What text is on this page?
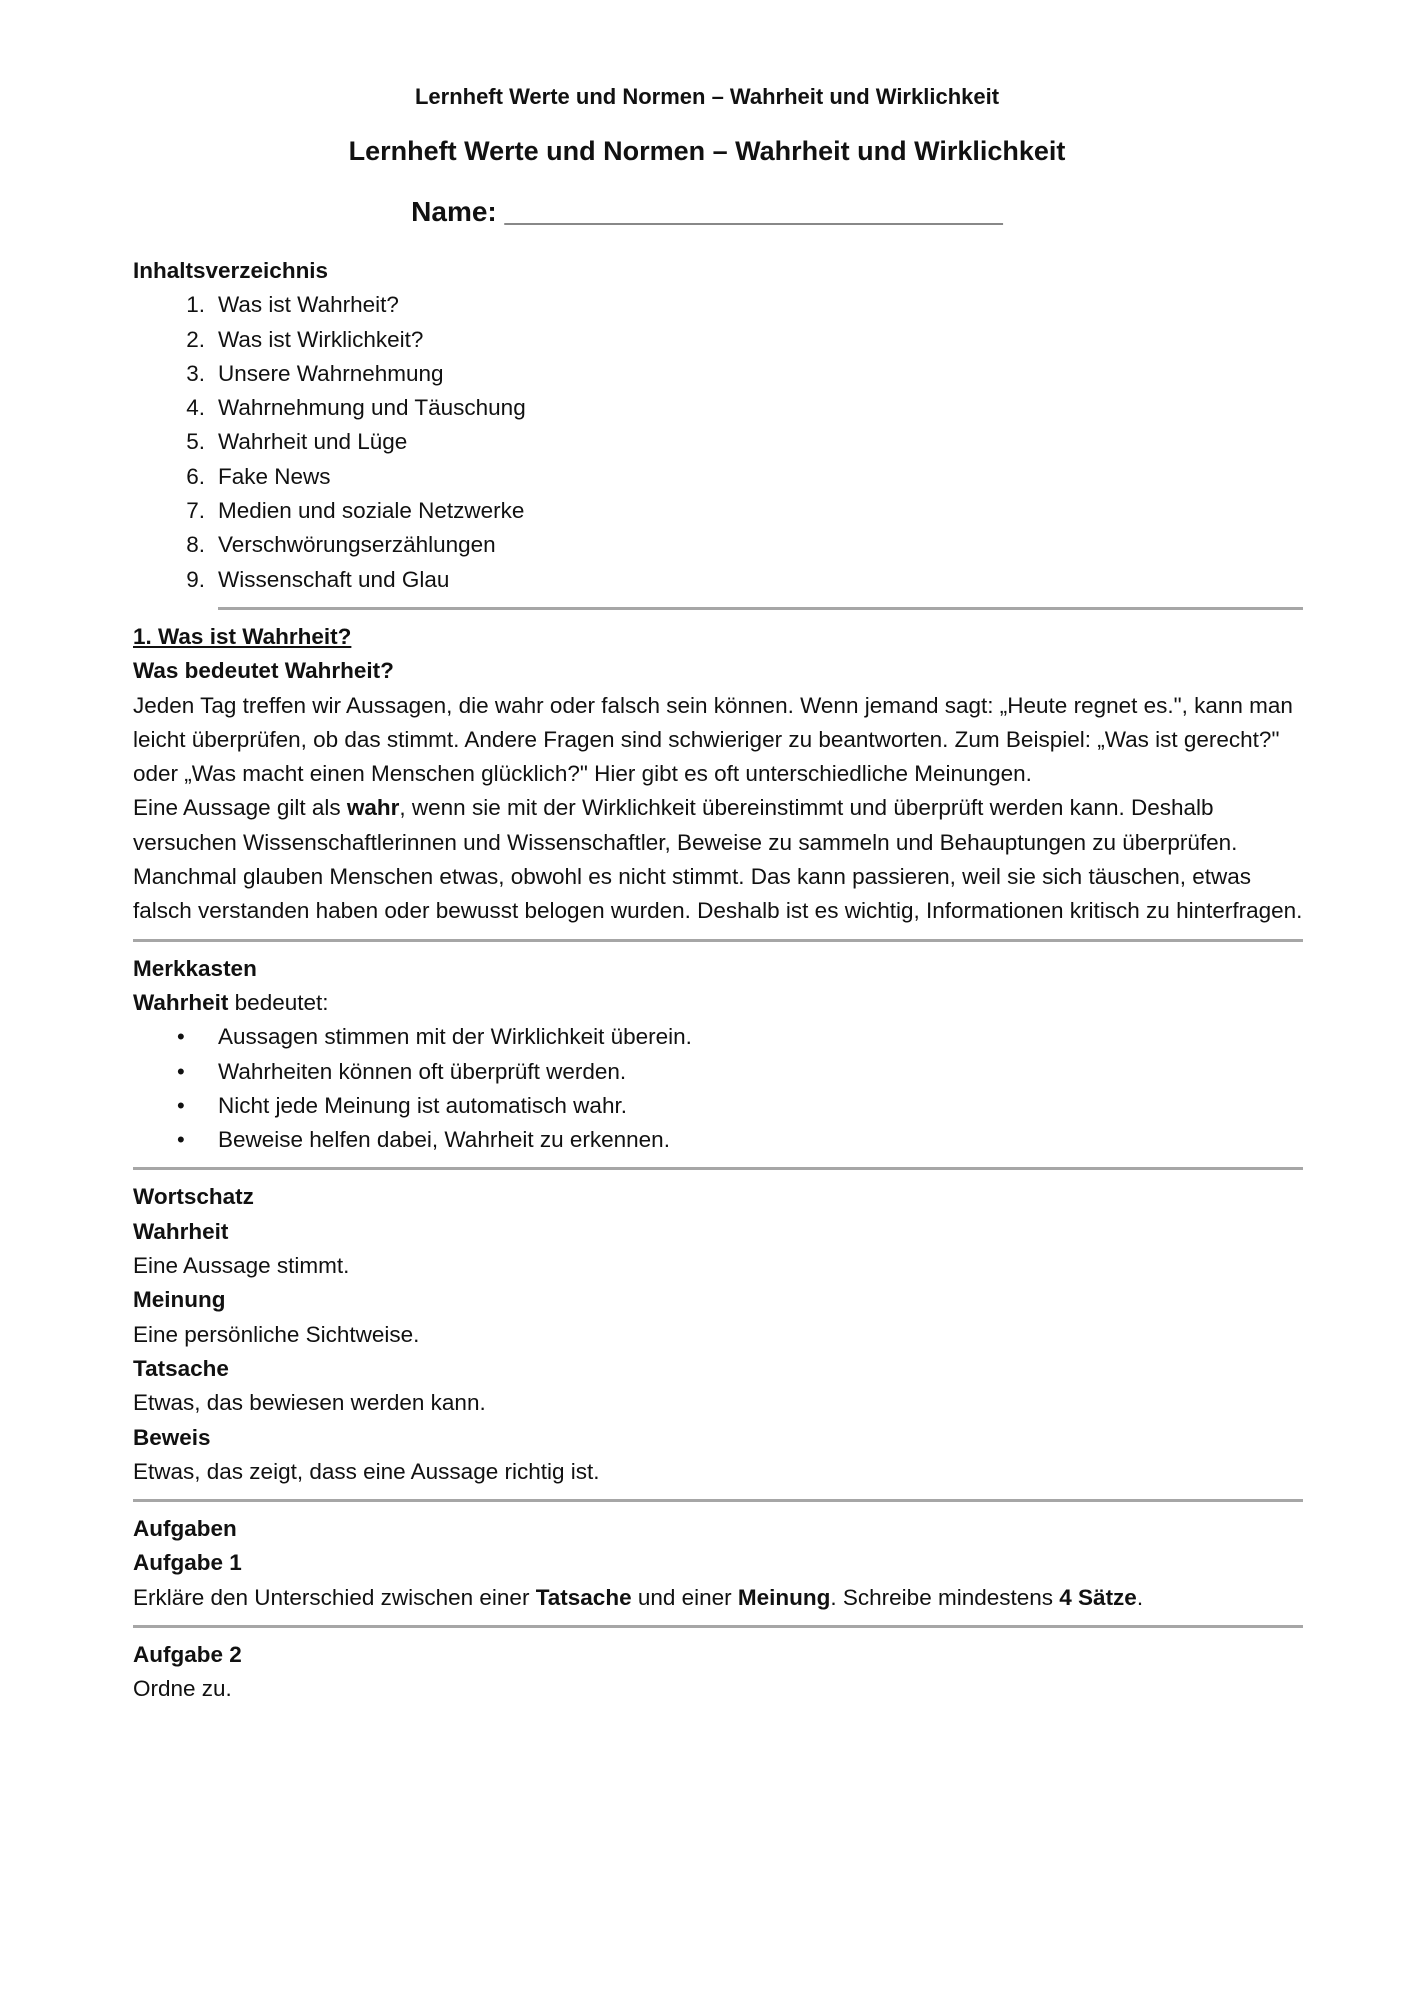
Lernheft Werte und Normen – Wahrheit und Wirklichkeit
Lernheft Werte und Normen – Wahrheit und Wirklichkeit
Name: ________________________________
Inhaltsverzeichnis
1. Was ist Wahrheit?
2. Was ist Wirklichkeit?
3. Unsere Wahrnehmung
4. Wahrnehmung und Täuschung
5. Wahrheit und Lüge
6. Fake News
7. Medien und soziale Netzwerke
8. Verschwörungserzählungen
9. Wissenschaft und Glau
1. Was ist Wahrheit?
Was bedeutet Wahrheit?

Jeden Tag treffen wir Aussagen, die wahr oder falsch sein können. Wenn jemand sagt: „Heute regnet es.", kann man leicht überprüfen, ob das stimmt. Andere Fragen sind schwieriger zu beantworten. Zum Beispiel: „Was ist gerecht?" oder „Was macht einen Menschen glücklich?" Hier gibt es oft unterschiedliche Meinungen.

Eine Aussage gilt als wahr, wenn sie mit der Wirklichkeit übereinstimmt und überprüft werden kann. Deshalb versuchen Wissenschaftlerinnen und Wissenschaftler, Beweise zu sammeln und Behauptungen zu überprüfen. Manchmal glauben Menschen etwas, obwohl es nicht stimmt. Das kann passieren, weil sie sich täuschen, etwas falsch verstanden haben oder bewusst belogen wurden. Deshalb ist es wichtig, Informationen kritisch zu hinterfragen.

Merkkasten

Wahrheit bedeutet:

• Aussagen stimmen mit der Wirklichkeit überein.
• Wahrheiten können oft überprüft werden.
• Nicht jede Meinung ist automatisch wahr.
• Beweise helfen dabei, Wahrheit zu erkennen.
Wortschatz
Wahrheit
Eine Aussage stimmt.
Meinung
Eine persönliche Sichtweise.
Tatsache
Etwas, das bewiesen werden kann.
Beweis
Etwas, das zeigt, dass eine Aussage richtig ist.
Aufgaben
Aufgabe 1

Erkläre den Unterschied zwischen einer Tatsache und einer Meinung. Schreibe mindestens 4 Sätze.

Aufgabe 2
Ordne zu.
